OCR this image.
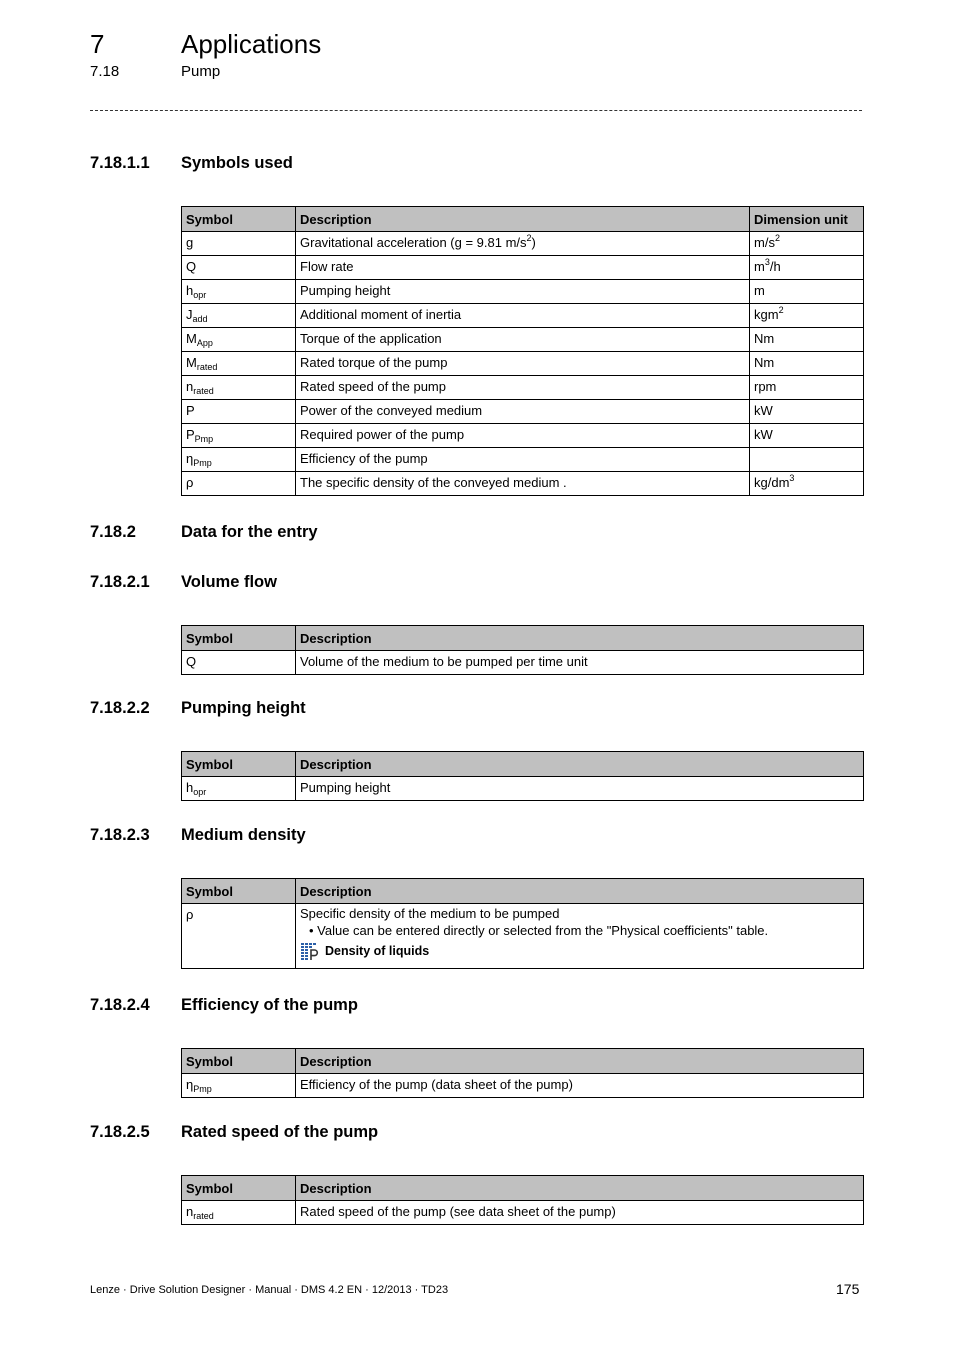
7	Applications
7.18	Pump
7.18.1.1 Symbols used
Symbol	Description	Dimension unit
g	Gravitational acceleration (g = 9.81 $m/s^2$)	$m/s^2$
Q	Flow rate	$m^3/h$
$h_{opr}$	Pumping height	m
$J_{add}$	Additional moment of inertia	kgm$^2$
$M_{App}$	Torque of the application	Nm
$M_{rated}$	Rated torque of the pump	Nm
$n_{rated}$	Rated speed of the pump	rpm
P	Power of the conveyed medium	kW
$P_{Pmp}$	Required power of the pump	kW
$\eta_{Pmp}$	Efficiency of the pump	
ρ	The specific density of the conveyed medium .	$kg/dm^3$
7.18.2	Data for the entry
7.18.2.1 Volume flow
Symbol	Description
Q	Volume of the medium to be pumped per time unit
7.18.2.2 Pumping height
Symbol	Description
$h_{opr}$	Pumping height
7.18.2.3 Medium density
Symbol	Description
ρ	Specific density of the medium to be pumped
• Value can be entered directly or selected from the "Physical coefficients" table.
Density of liquids
7.18.2.4 Efficiency of the pump
Symbol	Description
$\eta_{Pmp}$	Efficiency of the pump (data sheet of the pump)
7.18.2.5 Rated speed of the pump
Symbol	Description
$n_{rated}$	Rated speed of the pump (see data sheet of the pump)
Lenze · Drive Solution Designer · Manual · DMS 4.2 EN · 12/2013 · TD23	175
